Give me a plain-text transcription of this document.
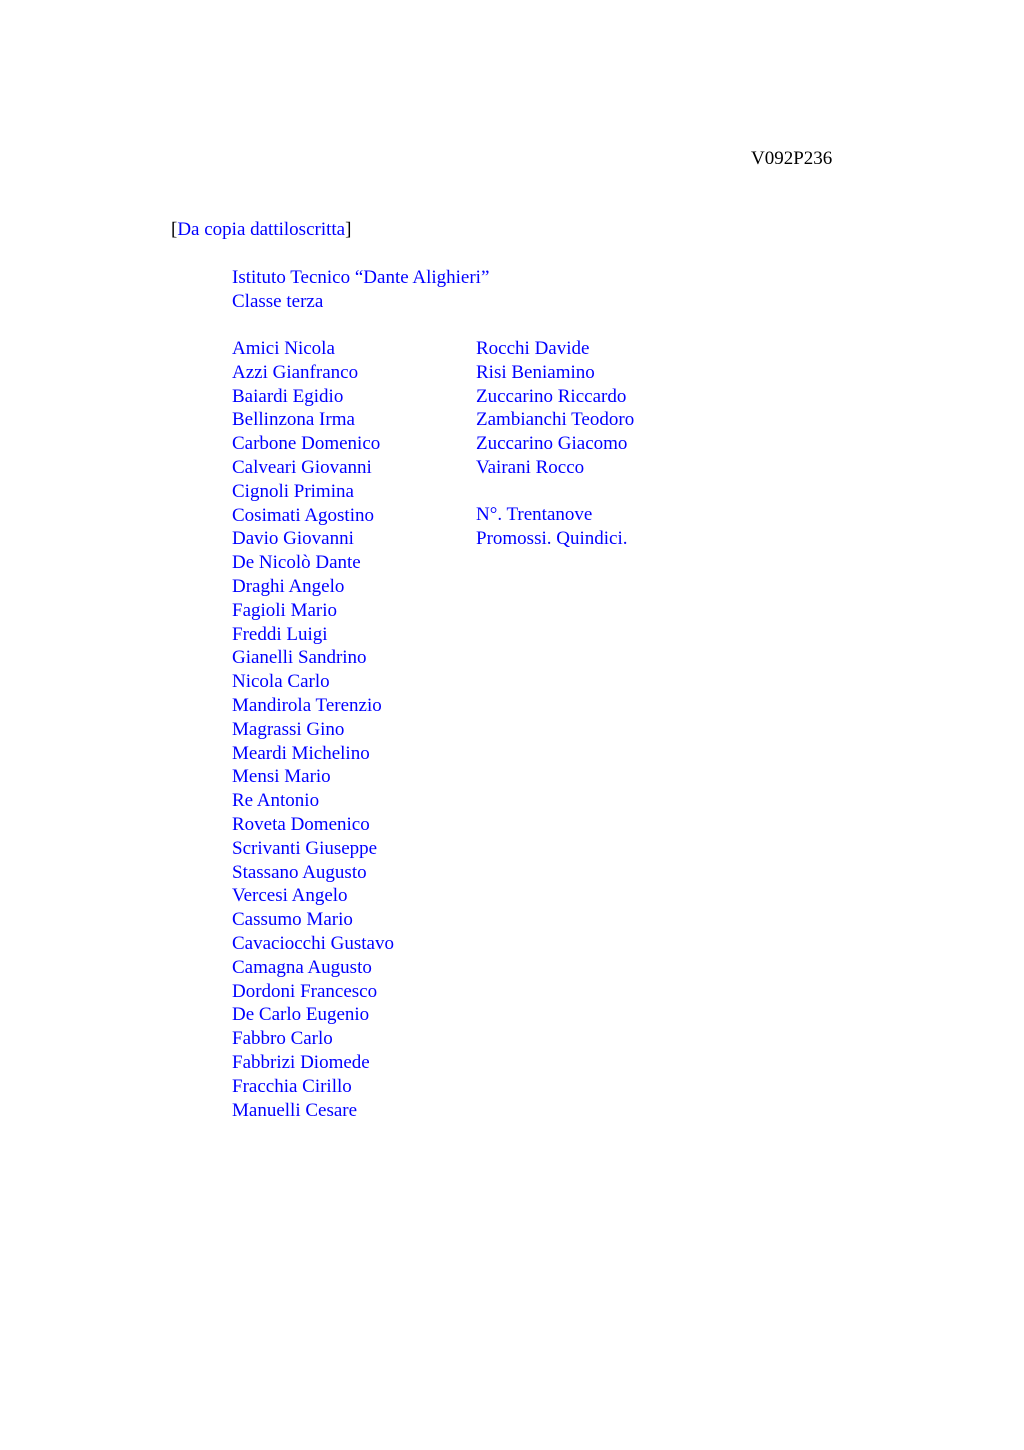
V092P236
[Da copia dattiloscritta]
Istituto Tecnico “Dante Alighieri”
Classe terza
Amici Nicola
Azzi Gianfranco
Baiardi Egidio
Bellinzona Irma
Carbone Domenico
Calveari Giovanni
Cignoli Primina
Cosimati Agostino
Davio Giovanni
De Nicolò Dante
Draghi Angelo
Fagioli Mario
Freddi Luigi
Gianelli Sandrino
Nicola Carlo
Mandirola Terenzio
Magrassi Gino
Meardi Michelino
Mensi Mario
Re Antonio
Roveta Domenico
Scrivanti Giuseppe
Stassano Augusto
Vercesi Angelo
Cassumo Mario
Cavaciocchi Gustavo
Camagna Augusto
Dordoni Francesco
De Carlo Eugenio
Fabbro Carlo
Fabbrizi Diomede
Fracchia Cirillo
Manuelli Cesare
Rocchi Davide
Risi Beniamino
Zuccarino Riccardo
Zambianchi Teodoro
Zuccarino Giacomo
Vairani Rocco
N°. Trentanove
Promossi. Quindici.
